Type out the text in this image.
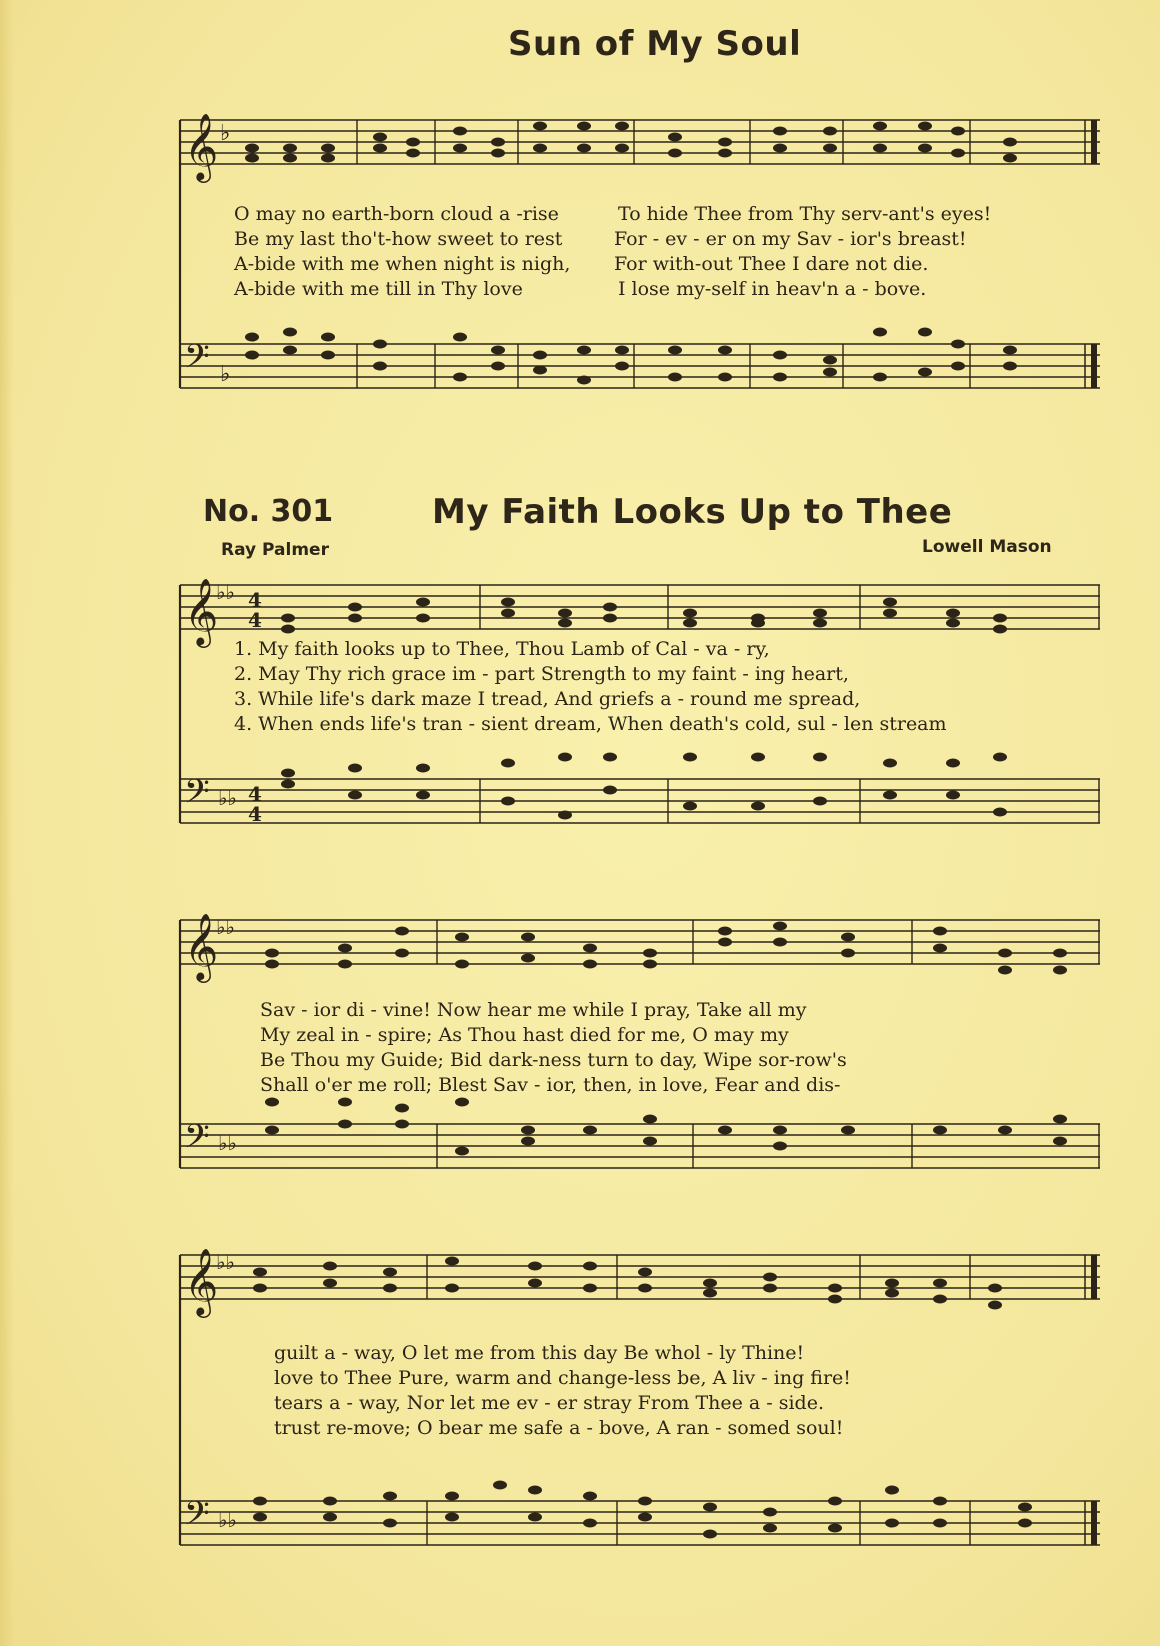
Sun of My Soul
𝄞
𝄢
♭
♭
O may no earth-born cloud a -rise	To hide Thee from Thy serv-ant's eyes!
Be my last tho't-how sweet to rest	For - ev - er on my Sav - ior's breast!
A-bide with me when night is nigh, For with-out Thee I dare not die.
A-bide with me till in Thy love	I lose my-self in heav'n a - bove.
No. 301	My Faith Looks Up to Thee
Ray Palmer	Lowell Mason
𝄞
𝄢
♭♭
♭♭
4
4
4
4
1. My faith looks up to Thee, Thou Lamb of Cal - va - ry,
2. May Thy rich grace im - part Strength to my faint - ing heart,
3. While life's dark maze I tread, And griefs a - round me spread,
4. When ends life's tran - sient dream, When death's cold, sul - len stream
𝄞
𝄢
♭♭
♭♭
Sav - ior di - vine! Now hear me while I pray, Take all my
My zeal in - spire; As Thou hast died for me, O may my
Be Thou my Guide; Bid dark-ness turn to day, Wipe sor-row's
Shall o'er me roll; Blest Sav - ior, then, in love, Fear and dis-
𝄞
𝄢
♭♭
♭♭
guilt a - way, O let me from this day Be whol - ly Thine!
love to Thee Pure, warm and change-less be, A liv - ing fire!
tears a - way, Nor let me ev - er stray From Thee a - side.
trust re-move; O bear me safe a - bove, A ran - somed soul!
